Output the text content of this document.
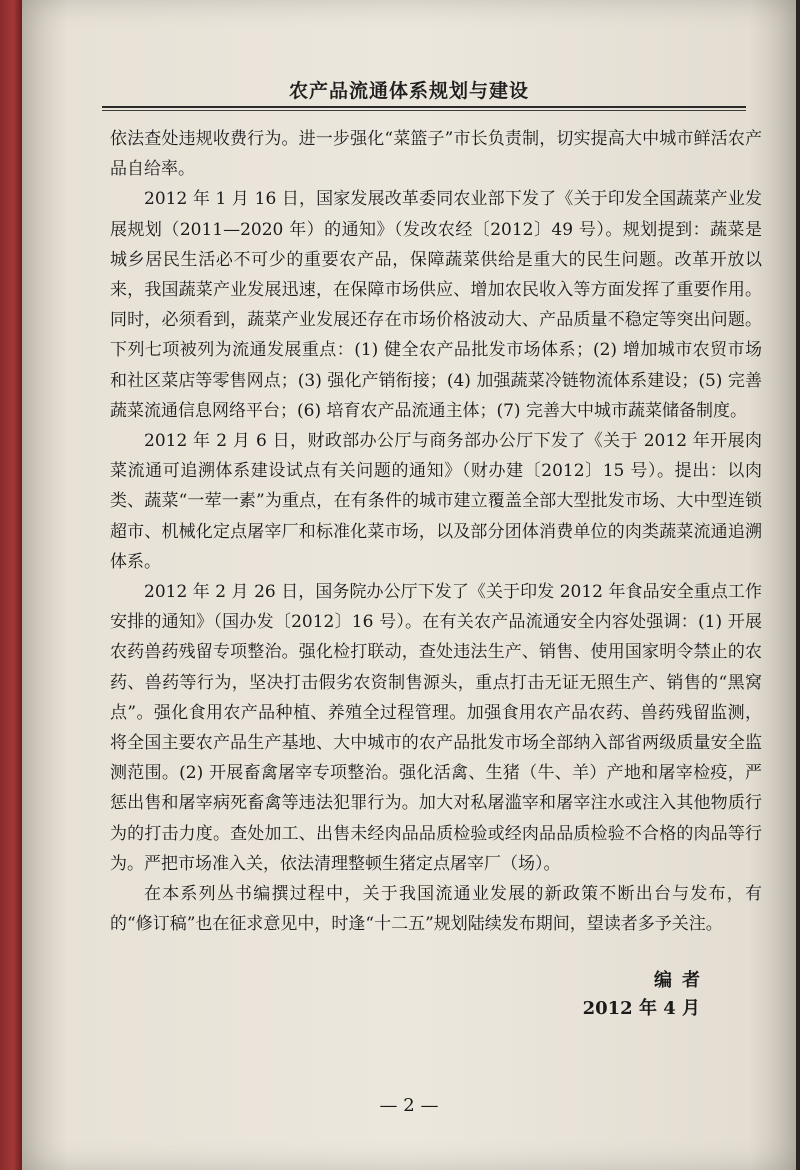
农产品流通体系规划与建设

依法查处违规收费行为。进一步强化“菜篮子”市长负责制，切实提高大中城市鲜活农产品自给率。

2012 年 1 月 16 日，国家发展改革委同农业部下发了《关于印发全国蔬菜产业发展规划（2011—2020 年）的通知》（发改农经〔2012〕49 号）。规划提到：蔬菜是城乡居民生活必不可少的重要农产品，保障蔬菜供给是重大的民生问题。改革开放以来，我国蔬菜产业发展迅速，在保障市场供应、增加农民收入等方面发挥了重要作用。同时，必须看到，蔬菜产业发展还存在市场价格波动大、产品质量不稳定等突出问题。下列七项被列为流通发展重点：(1) 健全农产品批发市场体系；(2) 增加城市农贸市场和社区菜店等零售网点；(3) 强化产销衔接；(4) 加强蔬菜冷链物流体系建设；(5) 完善蔬菜流通信息网络平台；(6) 培育农产品流通主体；(7) 完善大中城市蔬菜储备制度。

2012 年 2 月 6 日，财政部办公厅与商务部办公厅下发了《关于 2012 年开展肉菜流通可追溯体系建设试点有关问题的通知》（财办建〔2012〕15 号）。提出：以肉类、蔬菜“一荤一素”为重点，在有条件的城市建立覆盖全部大型批发市场、大中型连锁超市、机械化定点屠宰厂和标准化菜市场，以及部分团体消费单位的肉类蔬菜流通追溯体系。

2012 年 2 月 26 日，国务院办公厅下发了《关于印发 2012 年食品安全重点工作安排的通知》（国办发〔2012〕16 号）。在有关农产品流通安全内容处强调：(1) 开展农药兽药残留专项整治。强化检打联动，查处违法生产、销售、使用国家明令禁止的农药、兽药等行为，坚决打击假劣农资制售源头，重点打击无证无照生产、销售的“黑窝点”。强化食用农产品种植、养殖全过程管理。加强食用农产品农药、兽药残留监测，将全国主要农产品生产基地、大中城市的农产品批发市场全部纳入部省两级质量安全监测范围。(2) 开展畜禽屠宰专项整治。强化活禽、生猪（牛、羊）产地和屠宰检疫，严惩出售和屠宰病死畜禽等违法犯罪行为。加大对私屠滥宰和屠宰注水或注入其他物质行为的打击力度。查处加工、出售未经肉品品质检验或经肉品品质检验不合格的肉品等行为。严把市场准入关，依法清理整顿生猪定点屠宰厂（场）。

在本系列丛书编撰过程中，关于我国流通业发展的新政策不断出台与发布，有的“修订稿”也在征求意见中，时逢“十二五”规划陆续发布期间，望读者多予关注。

编者
2012 年 4 月
— 2 —
